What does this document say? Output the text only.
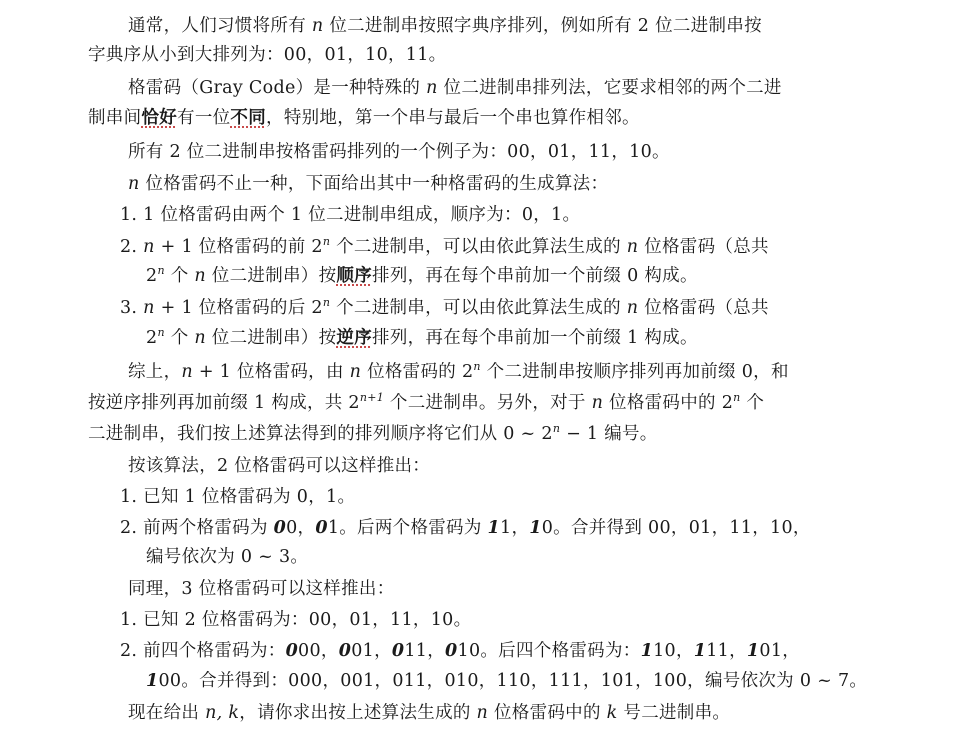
通常，人们习惯将所有 n 位二进制串按照字典序排列，例如所有 2 位二进制串按
字典序从小到大排列为：00，01，10，11。
格雷码（Gray Code）是一种特殊的 n 位二进制串排列法，它要求相邻的两个二进
制串间恰好有一位不同，特别地，第一个串与最后一个串也算作相邻。
所有 2 位二进制串按格雷码排列的一个例子为：00，01，11，10。
n 位格雷码不止一种，下面给出其中一种格雷码的生成算法：
1. 1 位格雷码由两个 1 位二进制串组成，顺序为：0，1。
2. n + 1 位格雷码的前 2$^n$ 个二进制串，可以由依此算法生成的 n 位格雷码（总共
2$^n$ 个 n 位二进制串）按顺序排列，再在每个串前加一个前缀 0 构成。
3. n + 1 位格雷码的后 2$^n$ 个二进制串，可以由依此算法生成的 n 位格雷码（总共
2$^n$ 个 n 位二进制串）按逆序排列，再在每个串前加一个前缀 1 构成。
综上，n + 1 位格雷码，由 n 位格雷码的 2$^n$ 个二进制串按顺序排列再加前缀 0，和
按逆序排列再加前缀 1 构成，共 $2^{n+1}$ 个二进制串。另外，对于 n 位格雷码中的 2$^n$ 个
二进制串，我们按上述算法得到的排列顺序将它们从 0 ~ $2^n - 1$ 编号。
按该算法，2 位格雷码可以这样推出：
1. 已知 1 位格雷码为 0，1。
2. 前两个格雷码为 00，01。后两个格雷码为 11，10。合并得到 00，01，11，10，
编号依次为 0 ~ 3。
同理，3 位格雷码可以这样推出：
1. 已知 2 位格雷码为：00，01，11，10。
2. 前四个格雷码为：000，001，011，010。后四个格雷码为：110，111，101，
100。合并得到：000，001，011，010，110，111，101，100，编号依次为 0 ~ 7。
现在给出 n, k，请你求出按上述算法生成的 n 位格雷码中的 k 号二进制串。
